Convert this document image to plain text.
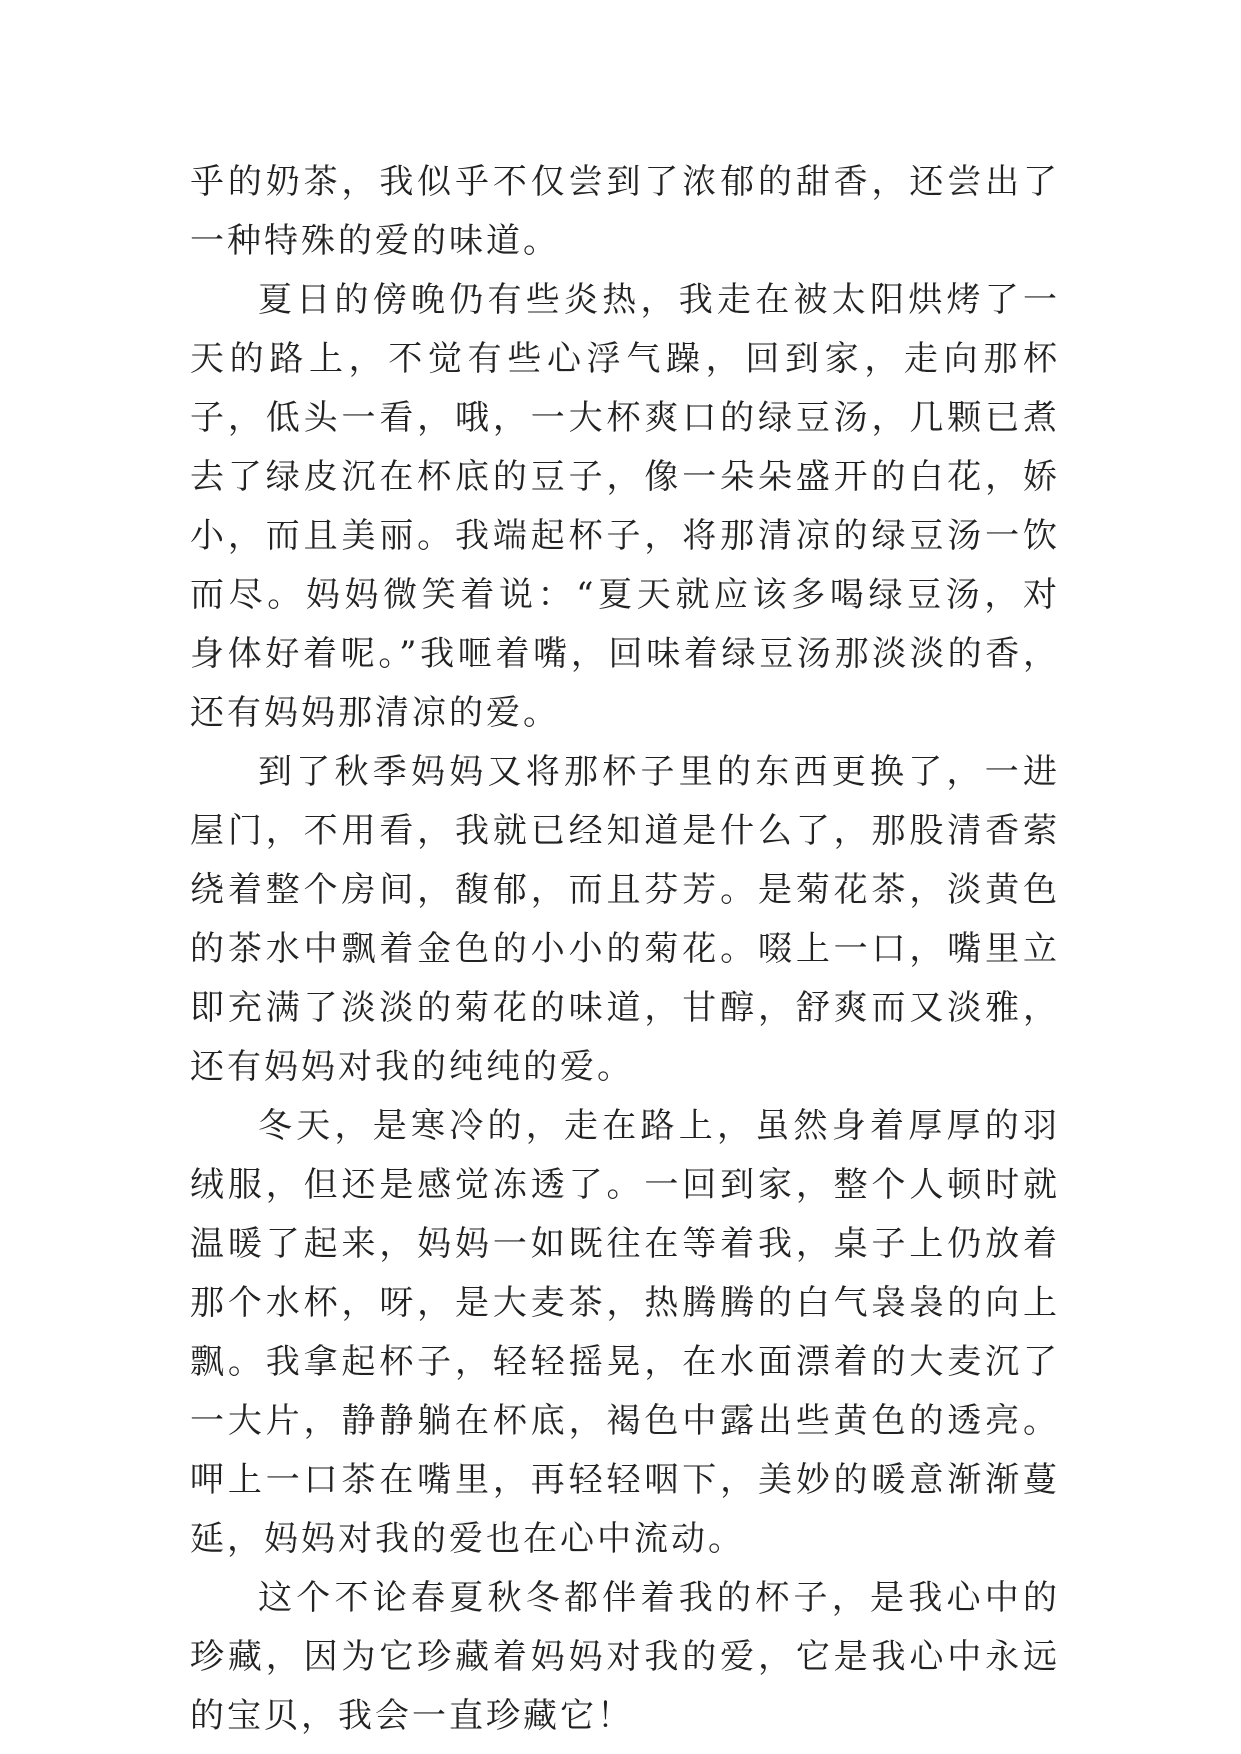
乎的奶茶，我似乎不仅尝到了浓郁的甜香，还尝出了一种特殊的爱的味道。

夏日的傍晚仍有些炎热，我走在被太阳烘烤了一天的路上，不觉有些心浮气躁，回到家，走向那杯子，低头一看，哦，一大杯爽口的绿豆汤，几颗已煮去了绿皮沉在杯底的豆子，像一朵朵盛开的白花，娇小，而且美丽。我端起杯子，将那清凉的绿豆汤一饮而尽。妈妈微笑着说：“夏天就应该多喝绿豆汤，对身体好着呢。”我咂着嘴，回味着绿豆汤那淡淡的香，还有妈妈那清凉的爱。

到了秋季妈妈又将那杯子里的东西更换了，一进屋门，不用看，我就已经知道是什么了，那股清香萦绕着整个房间，馥郁，而且芬芳。是菊花茶，淡黄色的茶水中飘着金色的小小的菊花。啜上一口，嘴里立即充满了淡淡的菊花的味道，甘醇，舒爽而又淡雅，还有妈妈对我的纯纯的爱。

冬天，是寒冷的，走在路上，虽然身着厚厚的羽绒服，但还是感觉冻透了。一回到家，整个人顿时就温暖了起来，妈妈一如既往在等着我，桌子上仍放着那个水杯，呀，是大麦茶，热腾腾的白气袅袅的向上飘。我拿起杯子，轻轻摇晃，在水面漂着的大麦沉了一大片，静静躺在杯底，褐色中露出些黄色的透亮。呷上一口茶在嘴里，再轻轻咽下，美妙的暖意渐渐蔓延，妈妈对我的爱也在心中流动。

这个不论春夏秋冬都伴着我的杯子，是我心中的珍藏，因为它珍藏着妈妈对我的爱，它是我心中永远的宝贝，我会一直珍藏它！
